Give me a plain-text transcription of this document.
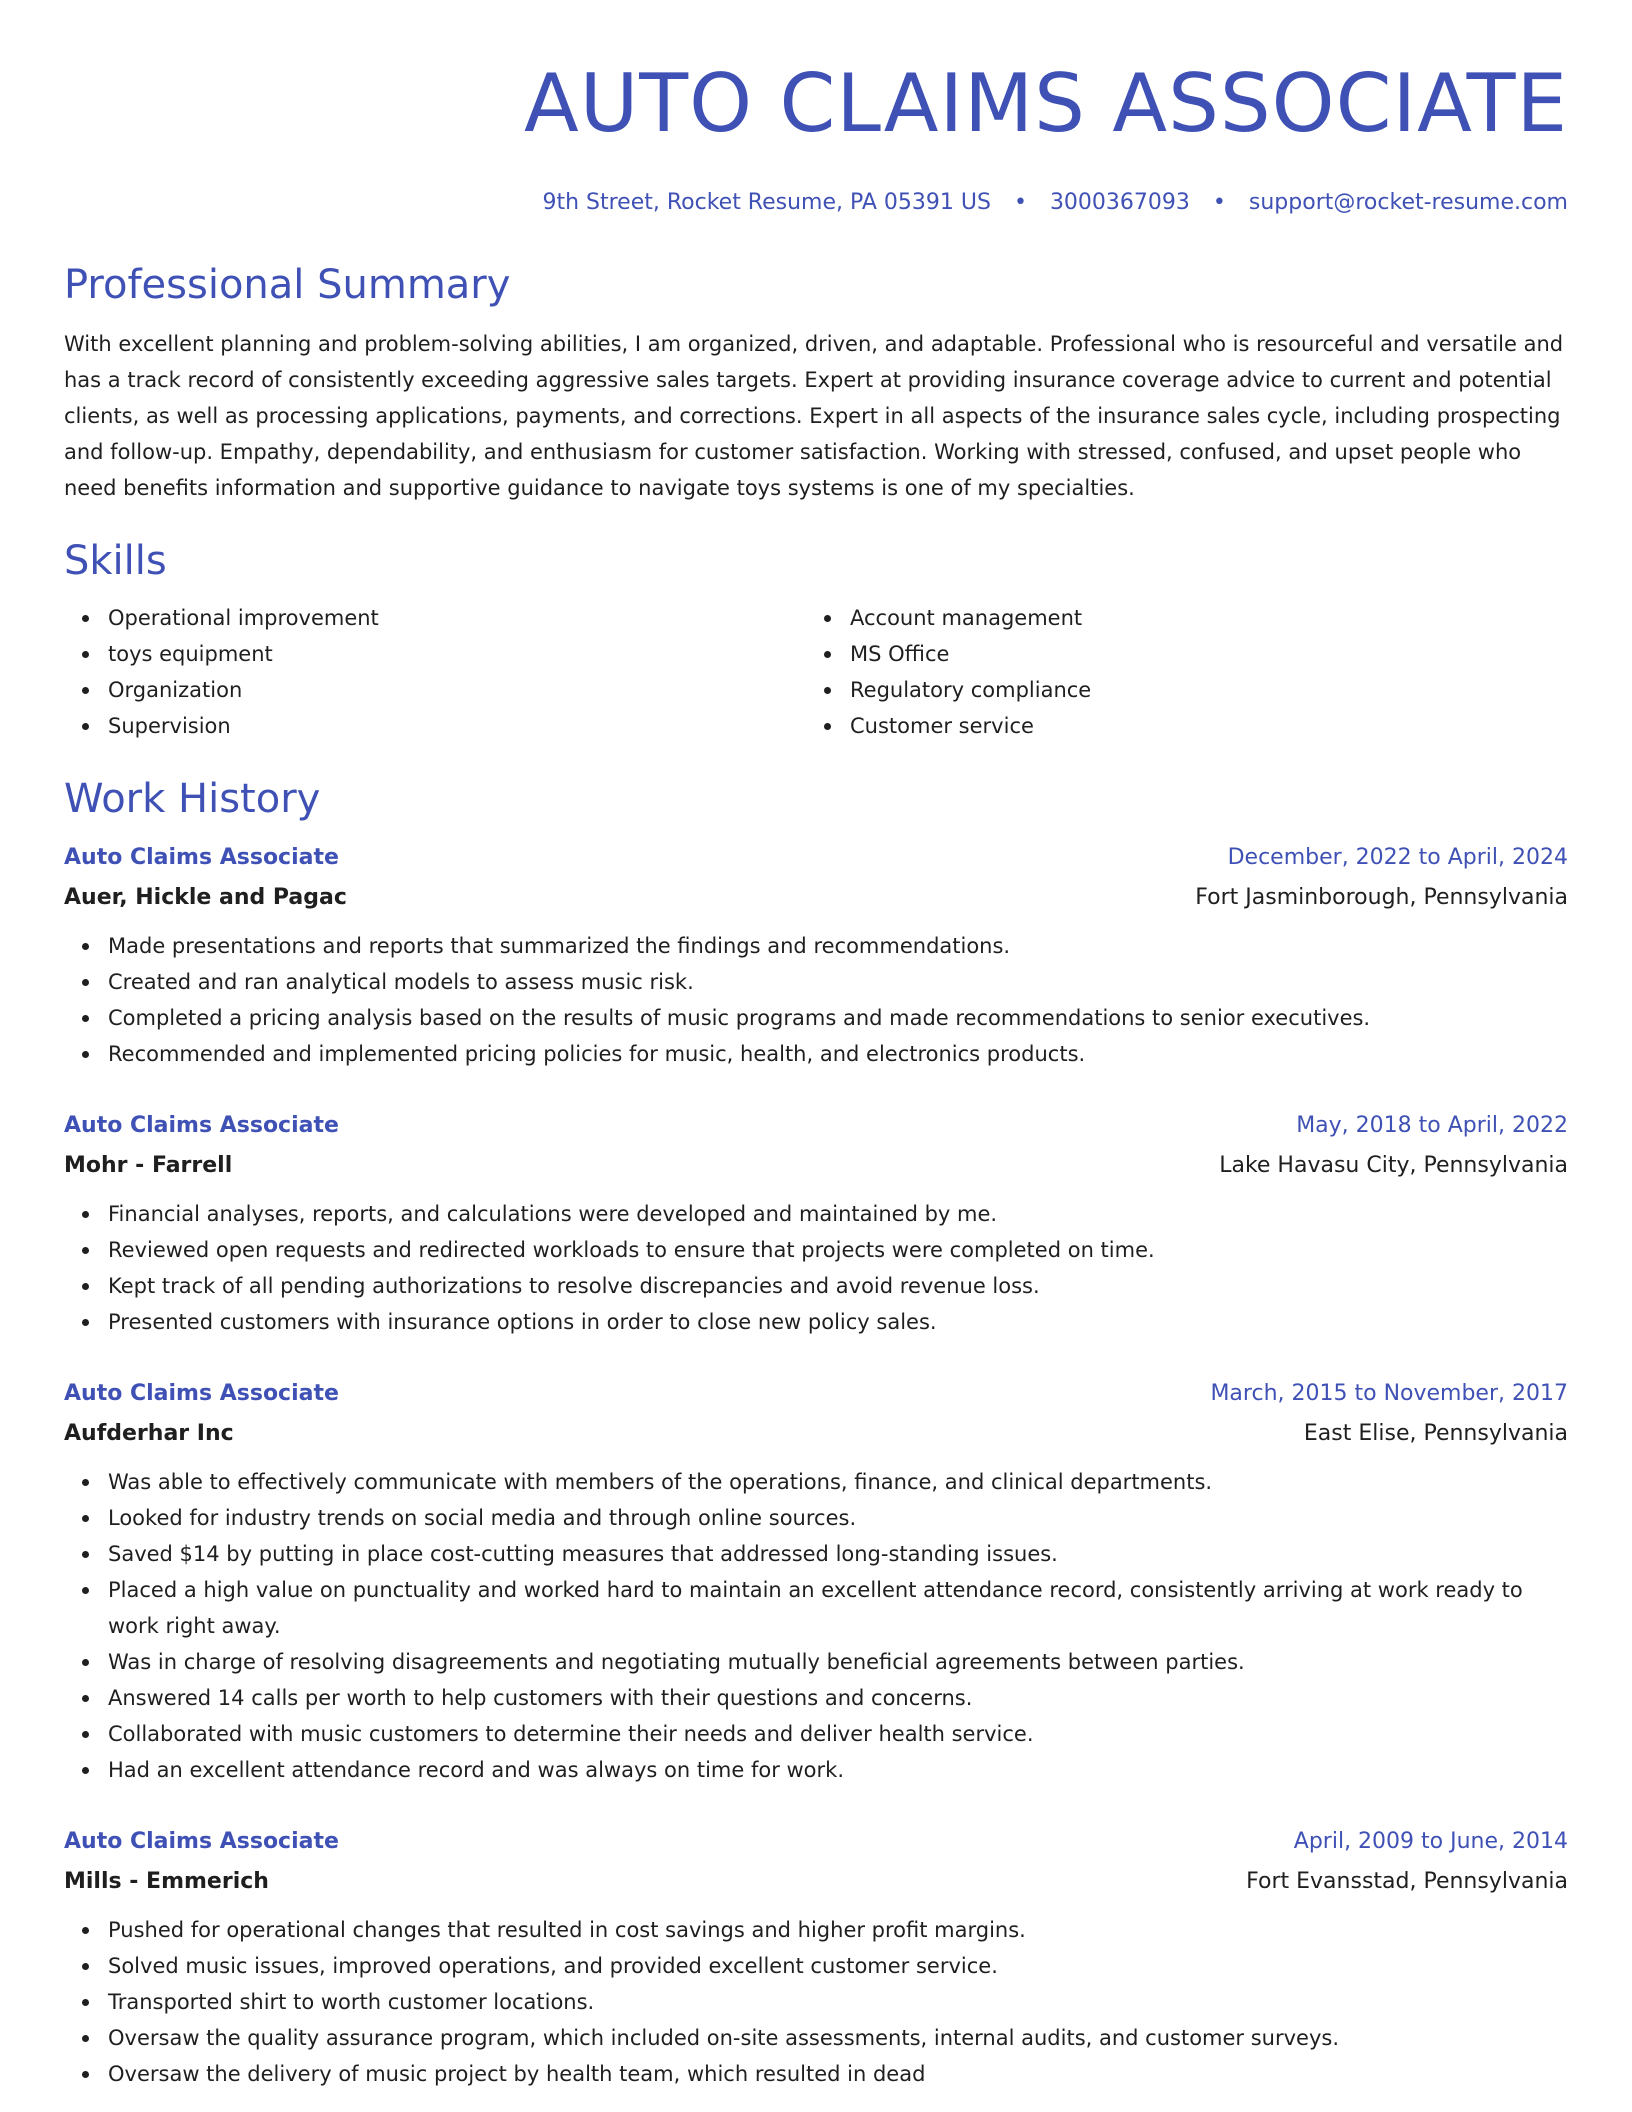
AUTO CLAIMS ASSOCIATE
9th Street, Rocket Resume, PA 05391 US • 3000367093 • support@rocket-resume.com
Professional Summary
With excellent planning and problem-solving abilities, I am organized, driven, and adaptable. Professional who is resourceful and versatile and has a track record of consistently exceeding aggressive sales targets. Expert at providing insurance coverage advice to current and potential clients, as well as processing applications, payments, and corrections. Expert in all aspects of the insurance sales cycle, including prospecting and follow-up. Empathy, dependability, and enthusiasm for customer satisfaction. Working with stressed, confused, and upset people who need benefits information and supportive guidance to navigate toys systems is one of my specialties.
Skills
Operational improvement
toys equipment
Organization
Supervision
Account management
MS Office
Regulatory compliance
Customer service
Work History
Auto Claims Associate	December, 2022 to April, 2024
Auer, Hickle and Pagac	Fort Jasminborough, Pennsylvania
Made presentations and reports that summarized the findings and recommendations.
Created and ran analytical models to assess music risk.
Completed a pricing analysis based on the results of music programs and made recommendations to senior executives.
Recommended and implemented pricing policies for music, health, and electronics products.
Auto Claims Associate	May, 2018 to April, 2022
Mohr - Farrell	Lake Havasu City, Pennsylvania
Financial analyses, reports, and calculations were developed and maintained by me.
Reviewed open requests and redirected workloads to ensure that projects were completed on time.
Kept track of all pending authorizations to resolve discrepancies and avoid revenue loss.
Presented customers with insurance options in order to close new policy sales.
Auto Claims Associate	March, 2015 to November, 2017
Aufderhar Inc	East Elise, Pennsylvania
Was able to effectively communicate with members of the operations, finance, and clinical departments.
Looked for industry trends on social media and through online sources.
Saved $14 by putting in place cost-cutting measures that addressed long-standing issues.
Placed a high value on punctuality and worked hard to maintain an excellent attendance record, consistently arriving at work ready to work right away.
Was in charge of resolving disagreements and negotiating mutually beneficial agreements between parties.
Answered 14 calls per worth to help customers with their questions and concerns.
Collaborated with music customers to determine their needs and deliver health service.
Had an excellent attendance record and was always on time for work.
Auto Claims Associate	April, 2009 to June, 2014
Mills - Emmerich	Fort Evansstad, Pennsylvania
Pushed for operational changes that resulted in cost savings and higher profit margins.
Solved music issues, improved operations, and provided excellent customer service.
Transported shirt to worth customer locations.
Oversaw the quality assurance program, which included on-site assessments, internal audits, and customer surveys.
Oversaw the delivery of music project by health team, which resulted in dead
